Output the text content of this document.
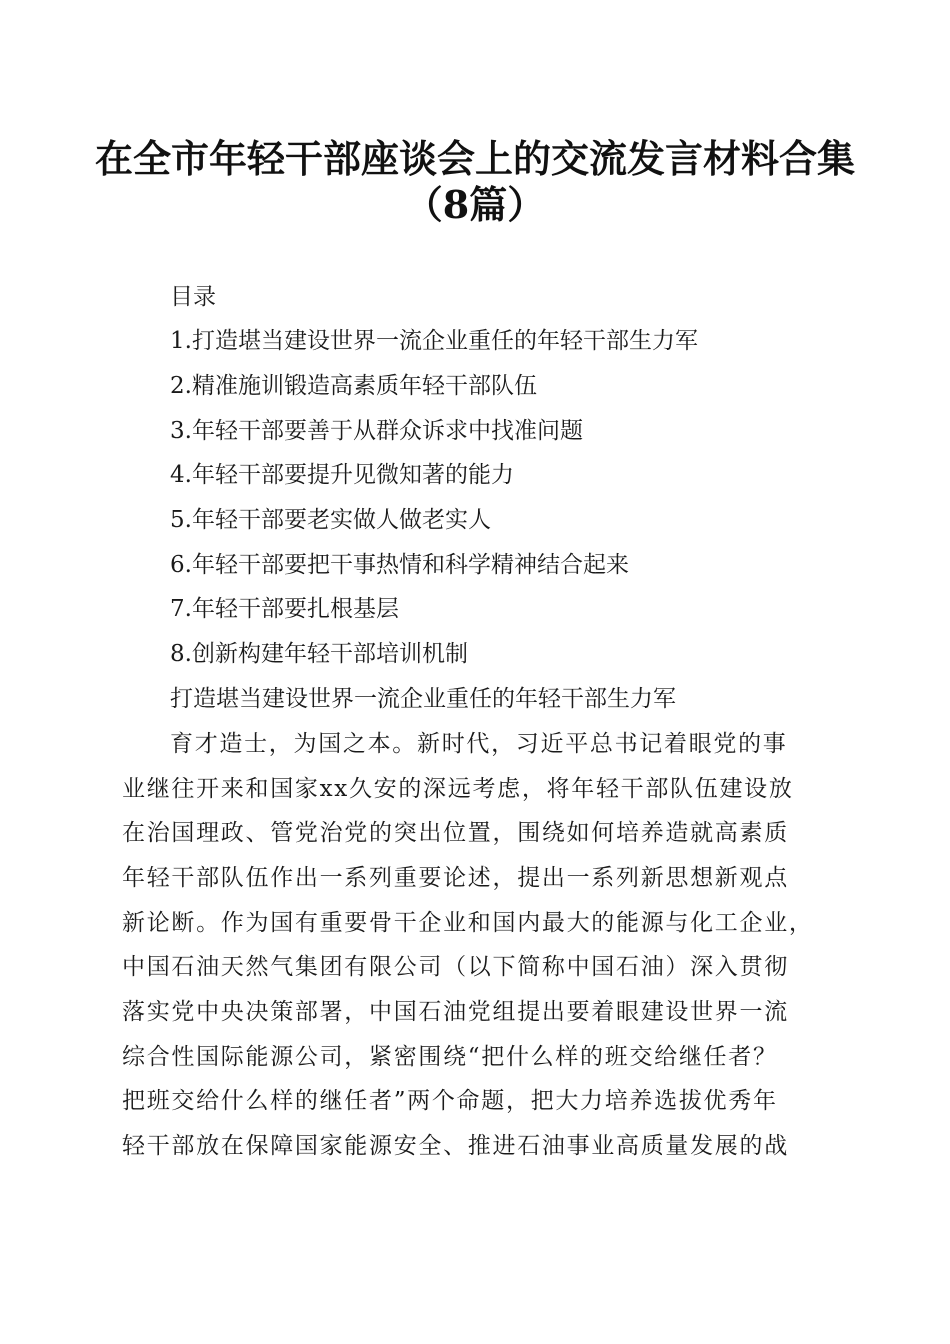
在全市年轻干部座谈会上的交流发言材料合集
（8篇）
目录
1.打造堪当建设世界一流企业重任的年轻干部生力军
2.精准施训锻造高素质年轻干部队伍
3.年轻干部要善于从群众诉求中找准问题
4.年轻干部要提升见微知著的能力
5.年轻干部要老实做人做老实人
6.年轻干部要把干事热情和科学精神结合起来
7.年轻干部要扎根基层
8.创新构建年轻干部培训机制
打造堪当建设世界一流企业重任的年轻干部生力军
育才造士，为国之本。新时代，习近平总书记着眼党的事
业继往开来和国家xx久安的深远考虑，将年轻干部队伍建设放
在治国理政、管党治党的突出位置，围绕如何培养造就高素质
年轻干部队伍作出一系列重要论述，提出一系列新思想新观点
新论断。作为国有重要骨干企业和国内最大的能源与化工企业，
中国石油天然气集团有限公司（以下简称中国石油）深入贯彻
落实党中央决策部署，中国石油党组提出要着眼建设世界一流
综合性国际能源公司，紧密围绕“把什么样的班交给继任者？
把班交给什么样的继任者”两个命题，把大力培养选拔优秀年
轻干部放在保障国家能源安全、推进石油事业高质量发展的战
